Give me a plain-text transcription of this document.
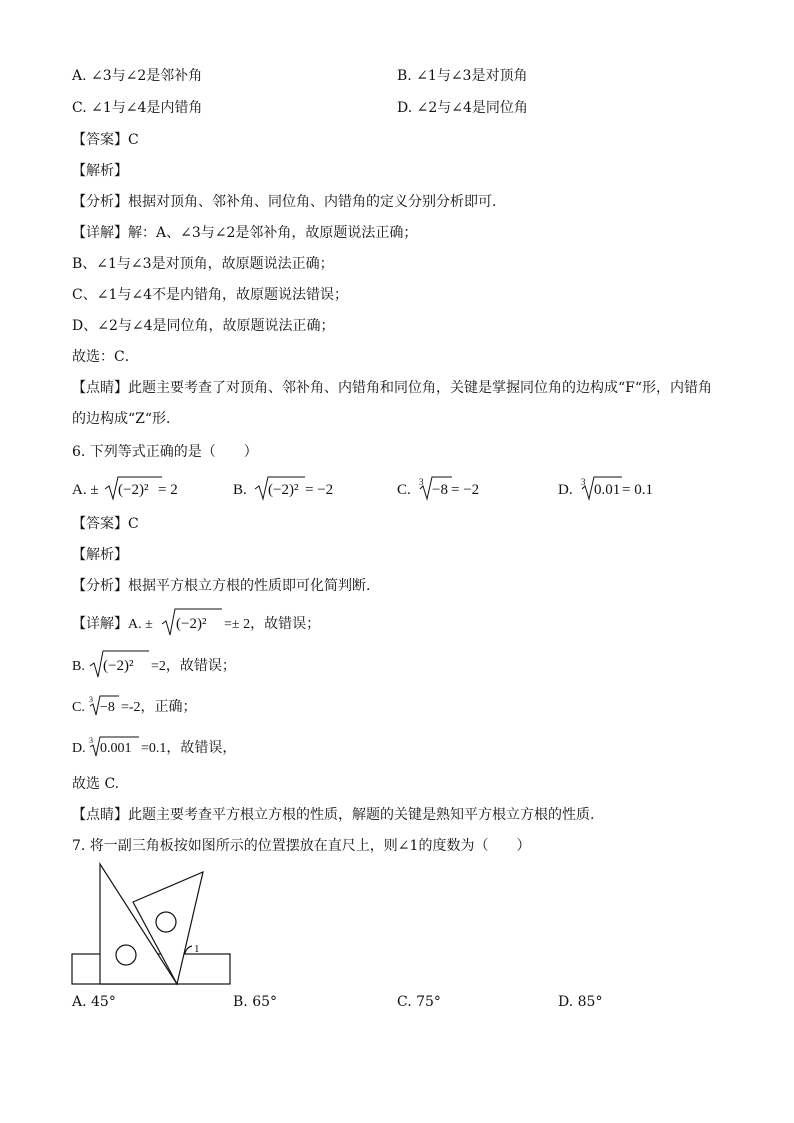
A. ∠3与∠2是邻补角	B. ∠1与∠3是对顶角
C. ∠1与∠4是内错角	D. ∠2与∠4是同位角
【答案】C
【解析】
【分析】根据对顶角、邻补角、同位角、内错角的定义分别分析即可．
【详解】解：A、∠3与∠2是邻补角，故原题说法正确；
B、∠1与∠3是对顶角，故原题说法正确；
C、∠1与∠4不是内错角，故原题说法错误；
D、∠2与∠4是同位角，故原题说法正确；
故选：C．
【点睛】此题主要考查了对顶角、邻补角、内错角和同位角，关键是掌握同位角的边构成“F“形，内错角
的边构成“Z“形．
6. 下列等式正确的是（　　）
A. ± (−2)² = 2	B. (−2)² = −2	C. 3 −8 = −2	D. 3 0.01 = 0.1
【答案】C
【解析】
【分析】根据平方根立方根的性质即可化简判断.
【详解】A. ± (−2)² =± 2，故错误；
B. (−2)² =2，故错误；
C.
3
−8 =-2，正确；
D.
3
0.001 =0.1，故错误，
故选 C.
【点睛】此题主要考查平方根立方根的性质，解题的关键是熟知平方根立方根的性质.
7. 将一副三角板按如图所示的位置摆放在直尺上，则∠1的度数为（　　）
1
A. 45°	B. 65°	C. 75°	D. 85°
